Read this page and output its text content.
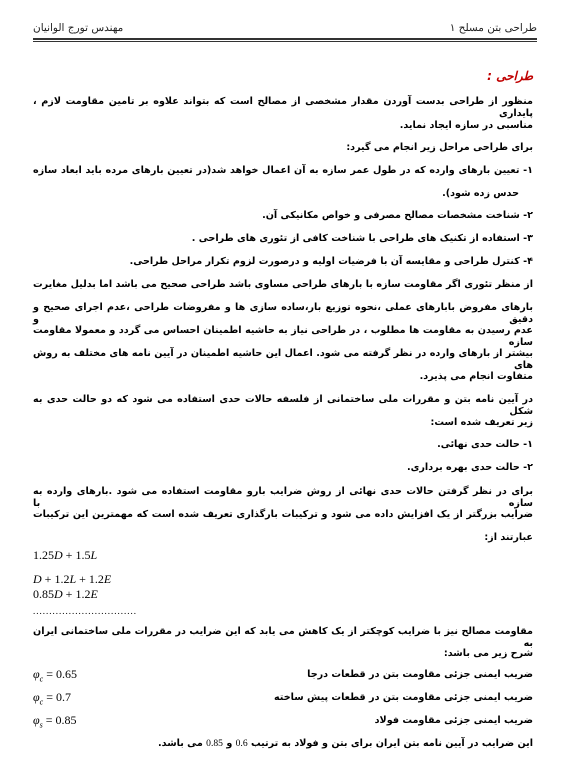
طراحی بتن مسلح ۱
مهندس تورج الوانیان
طراحی :
منظور از طراحی بدست آوردن مقدار مشخصی از مصالح است که بتواند علاوه بر تامین مقاومت لازم ، پایداری
مناسبی در سازه ایجاد نماید.
برای طراحی مراحل زیر انجام می گیرد:
۱- تعیین بارهای وارده که در طول عمر سازه به آن اعمال خواهد شد(در تعیین بارهای مرده باید ابعاد سازه
حدس زده شود).
۲- شناخت مشخصات مصالح مصرفی و خواص مکانیکی آن.
۳- استفاده از تکنیک های طراحی با شناخت کافی از تئوری های طراحی .
۴- کنترل طراحی و مقایسه آن با فرضیات اولیه و درصورت لزوم تکرار مراحل طراحی.
از منظر تئوری اگر مقاومت سازه با بارهای طراحی مساوی باشد طراحی صحیح می باشد اما بدلیل مغایرت
بارهای مفروض بابارهای عملی ،نحوه توزیع بار،ساده سازی ها و مفروضات طراحی ،عدم اجرای صحیح و دقیق و
عدم رسیدن به مقاومت ها مطلوب ، در طراحی نیاز به حاشیه اطمینان احساس می گردد و معمولا مقاومت سازه
بیشتر از بارهای وارده در نظر گرفته می شود. اعمال این حاشیه اطمینان در آیین نامه های مختلف به روش های
متفاوت انجام می پذیرد.
در آیین نامه بتن و مقررات ملی ساختمانی از فلسفه حالات حدی استفاده می شود که دو حالت حدی به شکل
زیر تعریف شده است:
۱- حالت حدی نهائی.
۲- حالت حدی بهره برداری.
برای در نظر گرفتن حالات حدی نهائی از روش ضرایب بارو مقاومت استفاده می شود .بارهای وارده به سازه با
ضرایب بزرگتر از یک افزایش داده می شود و ترکیبات بارگذاری تعریف شده است که مهمترین این ترکیبات
عبارتند از:
1.25D + 1.5L
D + 1.2L + 1.2E
0.85D + 1.2E
................................
مقاومت مصالح نیز با ضرایب کوچکتر از یک کاهش می یابد که این ضرایب در مقررات ملی ساختمانی ایران به
شرح زیر می باشد:
$\varphi_c = 0.65$	ضریب ایمنی جزئی مقاومت بتن در قطعات درجا
$\varphi_c = 0.7$	ضریب ایمنی جزئی مقاومت بتن در قطعات پیش ساخته
$\varphi_s = 0.85$	ضریب ایمنی جزئی مقاومت فولاد
این ضرایب در آیین نامه بتن ایران برای بتن و فولاد به ترتیب 0.6 و 0.85 می باشد.
